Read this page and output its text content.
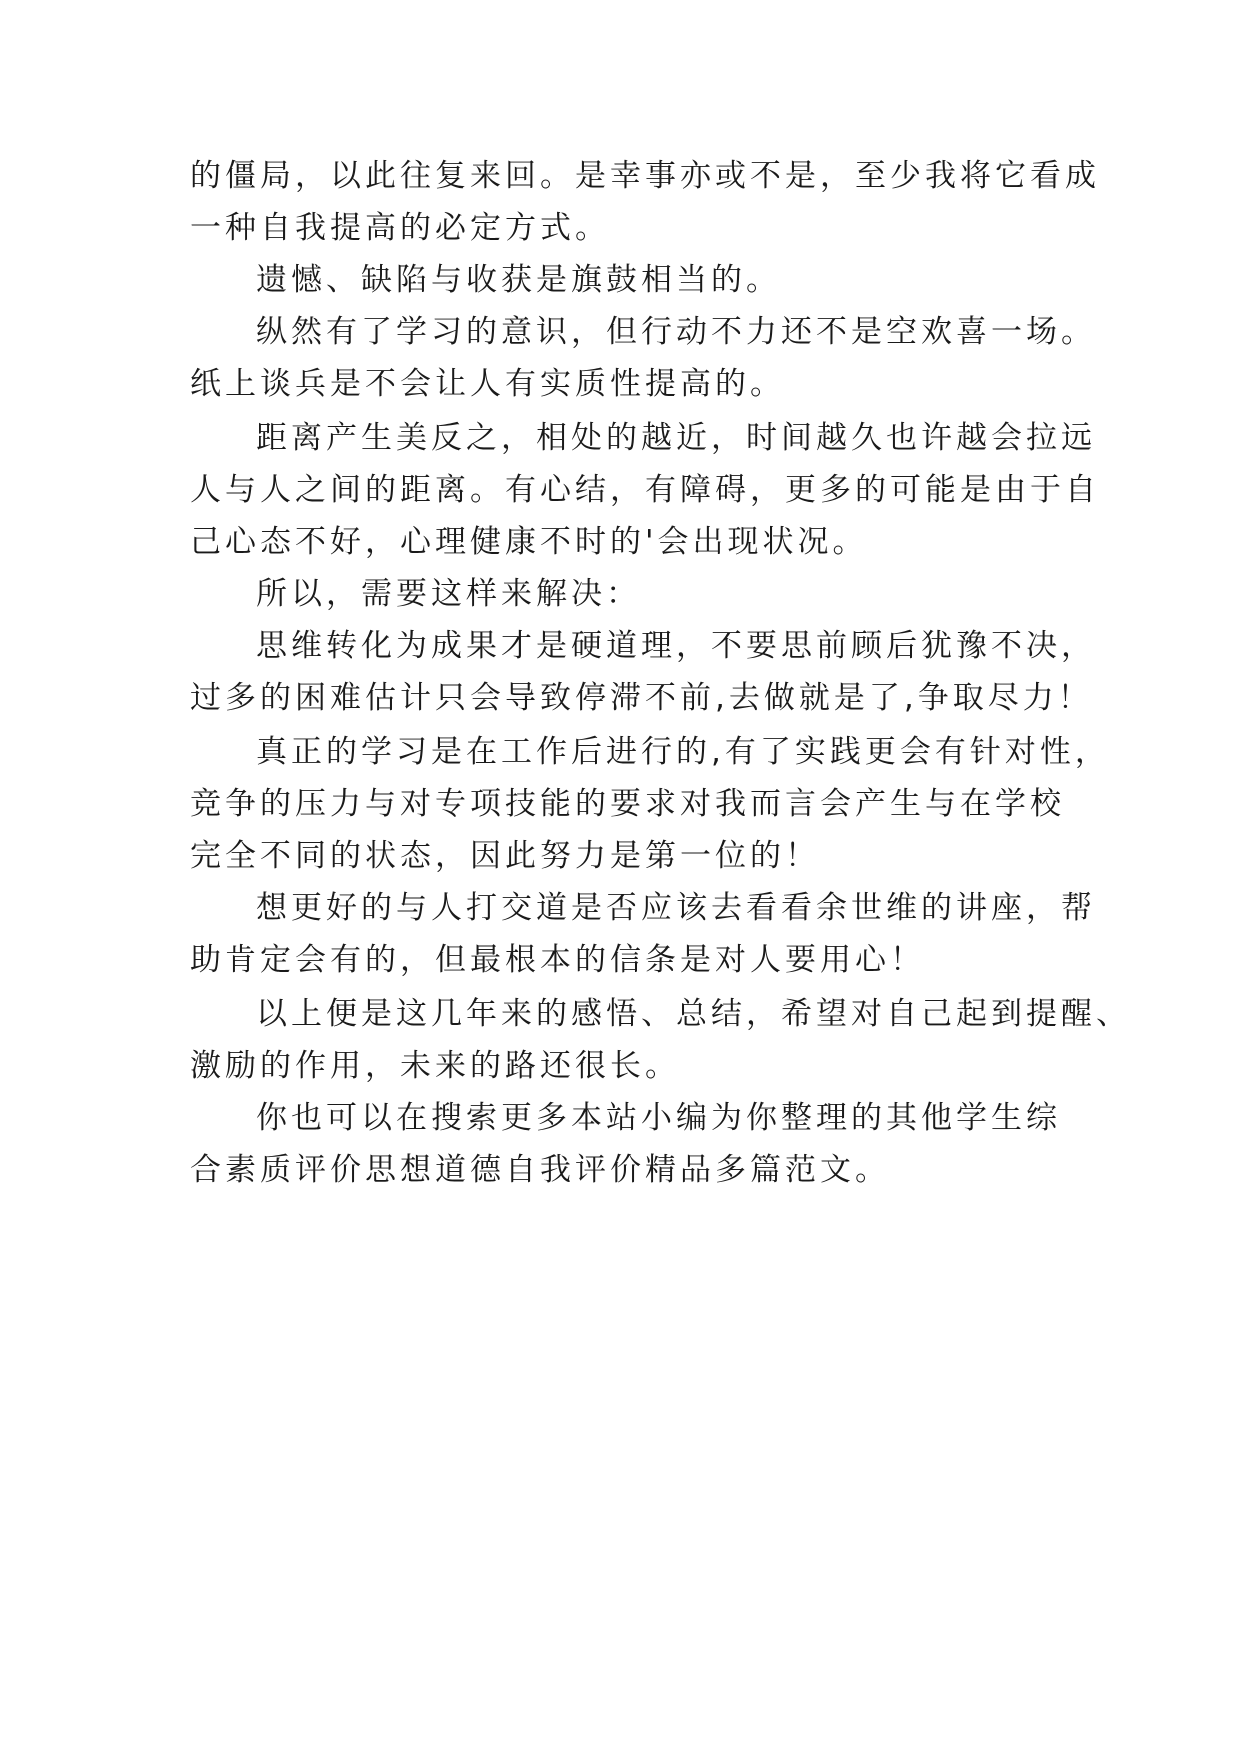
的僵局，以此往复来回。是幸事亦或不是，至少我将它看成
一种自我提高的必定方式。
遗憾、缺陷与收获是旗鼓相当的。
纵然有了学习的意识，但行动不力还不是空欢喜一场。
纸上谈兵是不会让人有实质性提高的。
距离产生美反之，相处的越近，时间越久也许越会拉远
人与人之间的距离。有心结，有障碍，更多的可能是由于自
己心态不好，心理健康不时的'会出现状况。
所以，需要这样来解决：
思维转化为成果才是硬道理，不要思前顾后犹豫不决，
过多的困难估计只会导致停滞不前,去做就是了,争取尽力！
真正的学习是在工作后进行的,有了实践更会有针对性，
竞争的压力与对专项技能的要求对我而言会产生与在学校
完全不同的状态，因此努力是第一位的！
想更好的与人打交道是否应该去看看余世维的讲座，帮
助肯定会有的，但最根本的信条是对人要用心！
以上便是这几年来的感悟、总结，希望对自己起到提醒、
激励的作用，未来的路还很长。
你也可以在搜索更多本站小编为你整理的其他学生综
合素质评价思想道德自我评价精品多篇范文。
